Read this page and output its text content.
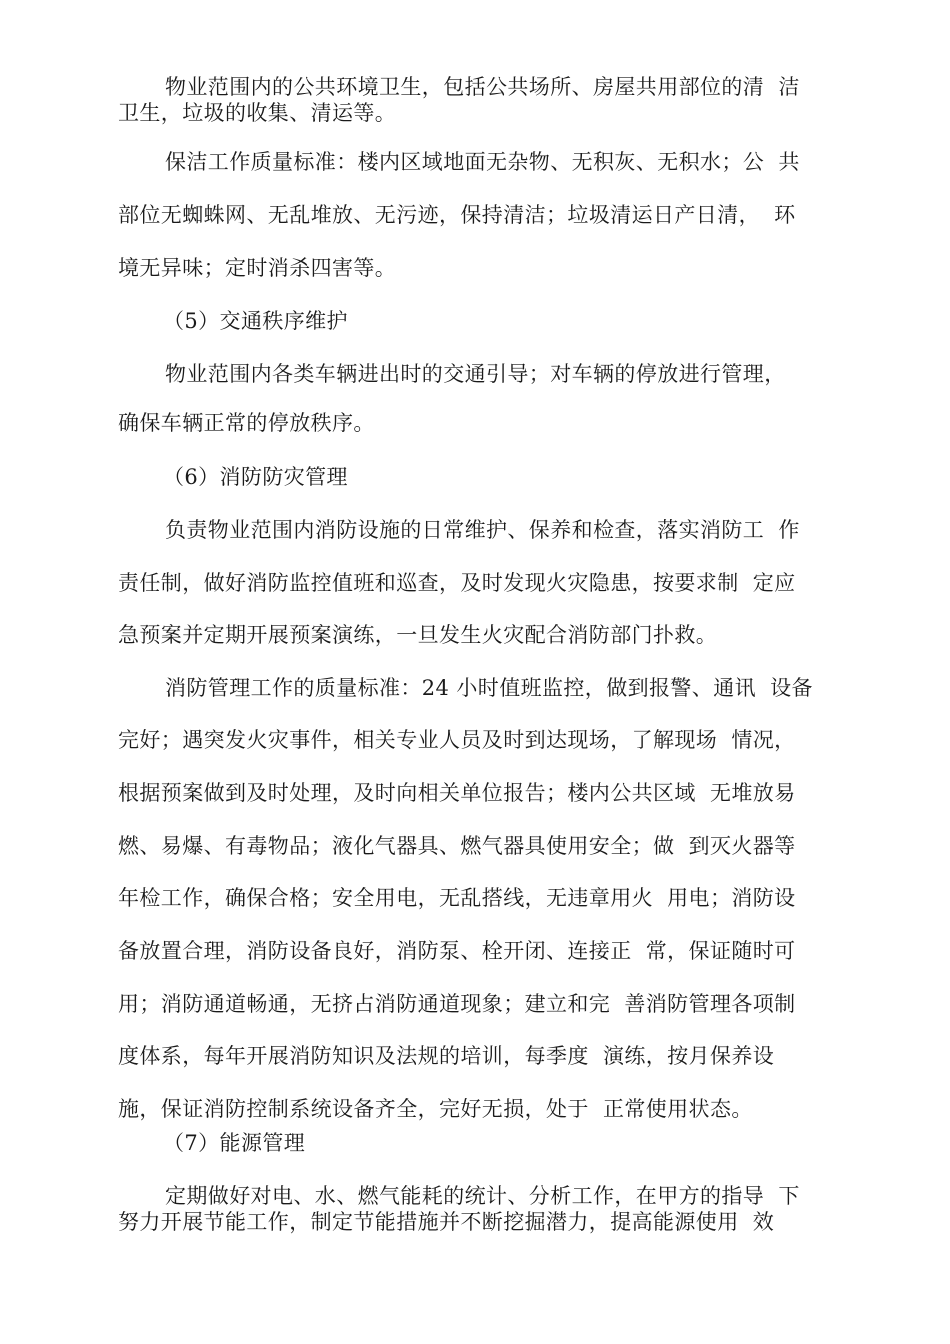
物业范围内的公共环境卫生，包括公共场所、房屋共用部位的清  洁
卫生，垃圾的收集、清运等。
保洁工作质量标准：楼内区域地面无杂物、无积灰、无积水；公  共
部位无蜘蛛网、无乱堆放、无污迹，保持清洁；垃圾清运日产日清，  环
境无异味；定时消杀四害等。
（5）交通秩序维护
物业范围内各类车辆进出时的交通引导；对车辆的停放进行管理，
确保车辆正常的停放秩序。
（6）消防防灾管理
负责物业范围内消防设施的日常维护、保养和检查，落实消防工  作
责任制，做好消防监控值班和巡查，及时发现火灾隐患，按要求制  定应
急预案并定期开展预案演练，一旦发生火灾配合消防部门扑救。
消防管理工作的质量标准：24 小时值班监控，做到报警、通讯  设备
完好；遇突发火灾事件，相关专业人员及时到达现场，了解现场  情况，
根据预案做到及时处理，及时向相关单位报告；楼内公共区域  无堆放易
燃、易爆、有毒物品；液化气器具、燃气器具使用安全；做  到灭火器等
年检工作，确保合格；安全用电，无乱搭线，无违章用火  用电；消防设
备放置合理，消防设备良好，消防泵、栓开闭、连接正  常，保证随时可
用；消防通道畅通，无挤占消防通道现象；建立和完  善消防管理各项制
度体系，每年开展消防知识及法规的培训，每季度  演练，按月保养设
施，保证消防控制系统设备齐全，完好无损，处于  正常使用状态。
（7）能源管理
定期做好对电、水、燃气能耗的统计、分析工作，在甲方的指导  下
努力开展节能工作，制定节能措施并不断挖掘潜力，提高能源使用  效
